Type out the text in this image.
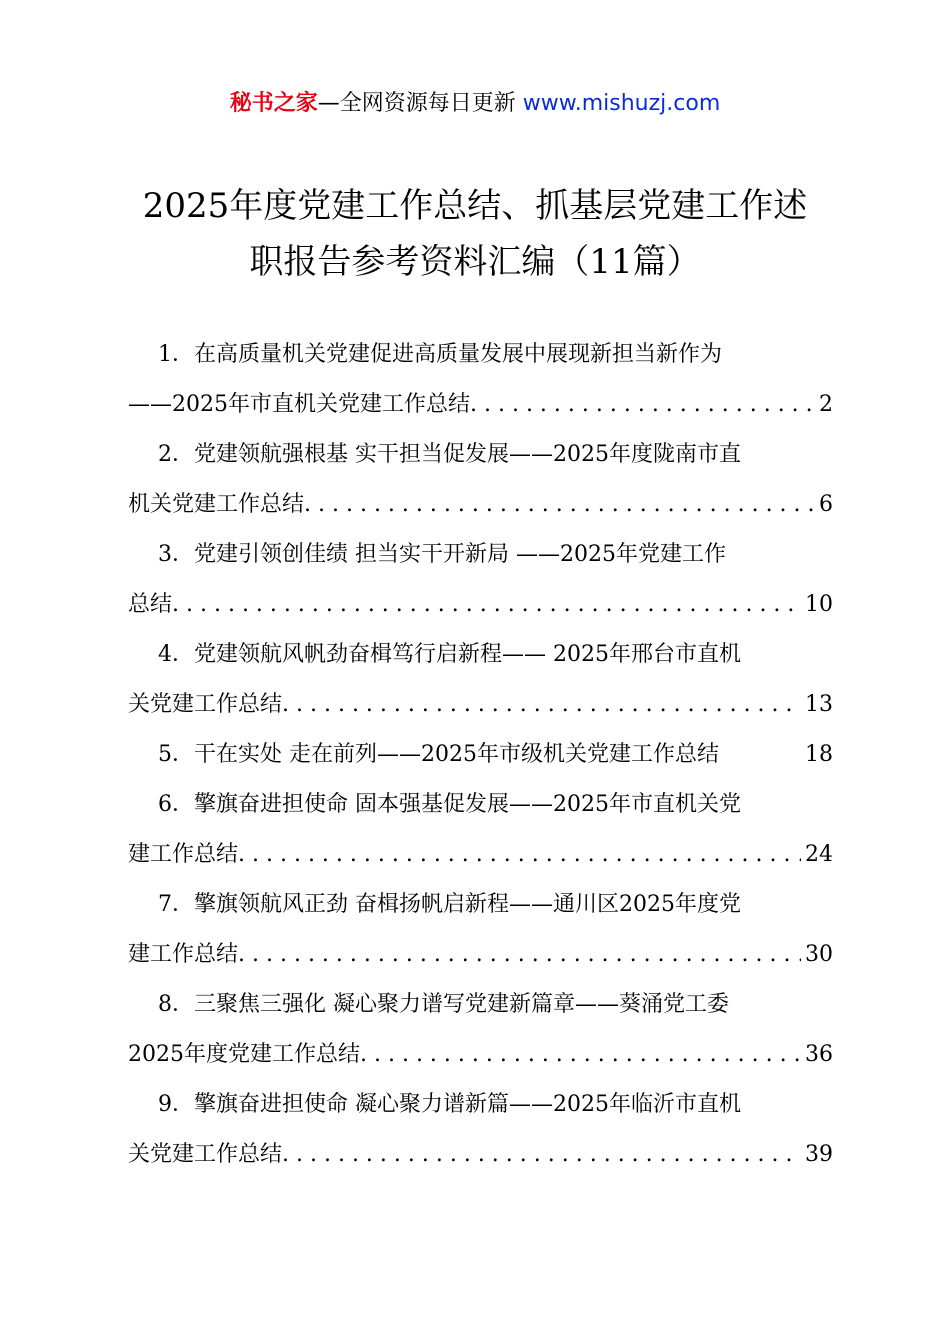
秘书之家—全网资源每日更新 www.mishuzj.com
2025年度党建工作总结、抓基层党建工作述
职报告参考资料汇编（11篇）
1．在高质量机关党建促进高质量发展中展现新担当新作为
——2025年市直机关党建工作总结 . . .	2
2．党建领航强根基 实干担当促发展——2025年度陇南市直
机关党建工作总结 . . .	6
3．党建引领创佳绩 担当实干开新局 ——2025年党建工作
总结 . . .	10
4．党建领航风帆劲奋楫笃行启新程—— 2025年邢台市直机
关党建工作总结 . . .	13
5．干在实处 走在前列——2025年市级机关党建工作总结	18
6．擎旗奋进担使命 固本强基促发展——2025年市直机关党
建工作总结 . . .	24
7．擎旗领航风正劲 奋楫扬帆启新程——通川区2025年度党
建工作总结 . . .	30
8．三聚焦三强化 凝心聚力谱写党建新篇章——葵涌党工委
2025年度党建工作总结 . . .	36
9．擎旗奋进担使命 凝心聚力谱新篇——2025年临沂市直机
关党建工作总结 . . .	39
